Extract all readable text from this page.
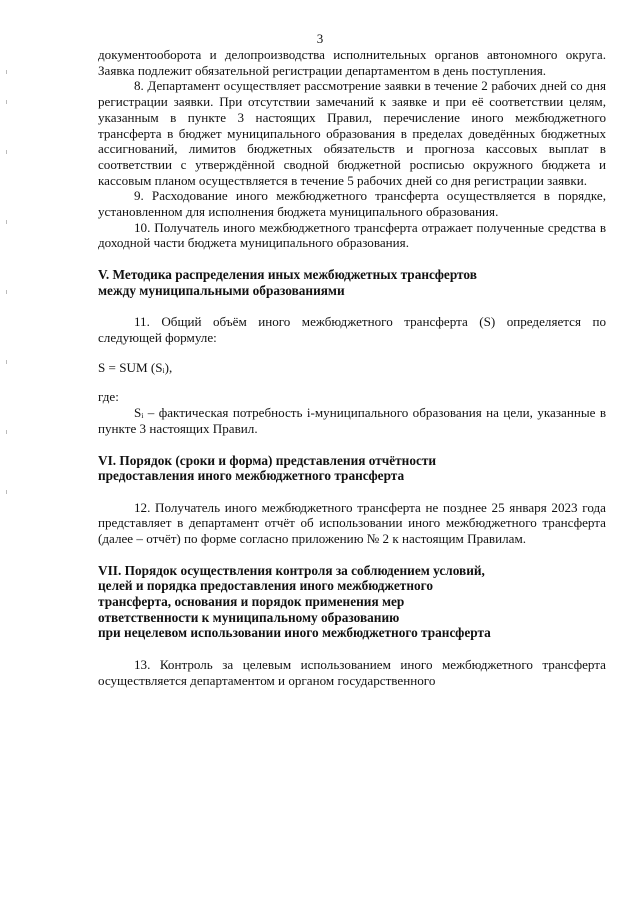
3

документооборота и делопроизводства исполнительных органов автономного округа. Заявка подлежит обязательной регистрации департаментом в день поступления.

8. Департамент осуществляет рассмотрение заявки в течение 2 рабочих дней со дня регистрации заявки. При отсутствии замечаний к заявке и при её соответствии целям, указанным в пункте 3 настоящих Правил, перечисление иного межбюджетного трансферта в бюджет муниципального образования в пределах доведённых бюджетных ассигнований, лимитов бюджетных обязательств и прогноза кассовых выплат в соответствии с утверждённой сводной бюджетной росписью окружного бюджета и кассовым планом осуществляется в течение 5 рабочих дней со дня регистрации заявки.

9. Расходование иного межбюджетного трансферта осуществляется в порядке, установленном для исполнения бюджета муниципального образования.

10. Получатель иного межбюджетного трансферта отражает полученные средства в доходной части бюджета муниципального образования.

V. Методика распределения иных межбюджетных трансфертов

между муниципальными образованиями

11. Общий объём иного межбюджетного трансферта (S) определяется по следующей формуле:

S = SUM (Sᵢ),

где:

Sᵢ – фактическая потребность i-муниципального образования на цели, указанные в пункте 3 настоящих Правил.

VI. Порядок (сроки и форма) представления отчётности

предоставления иного межбюджетного трансферта

12. Получатель иного межбюджетного трансферта не позднее 25 января 2023 года представляет в департамент отчёт об использовании иного межбюджетного трансферта (далее – отчёт) по форме согласно приложению № 2 к настоящим Правилам.

VII. Порядок осуществления контроля за соблюдением условий,

целей и порядка предоставления иного межбюджетного

трансферта, основания и порядок применения мер

ответственности к муниципальному образованию

при нецелевом использовании иного межбюджетного трансферта

13. Контроль за целевым использованием иного межбюджетного трансферта осуществляется департаментом и органом государственного
